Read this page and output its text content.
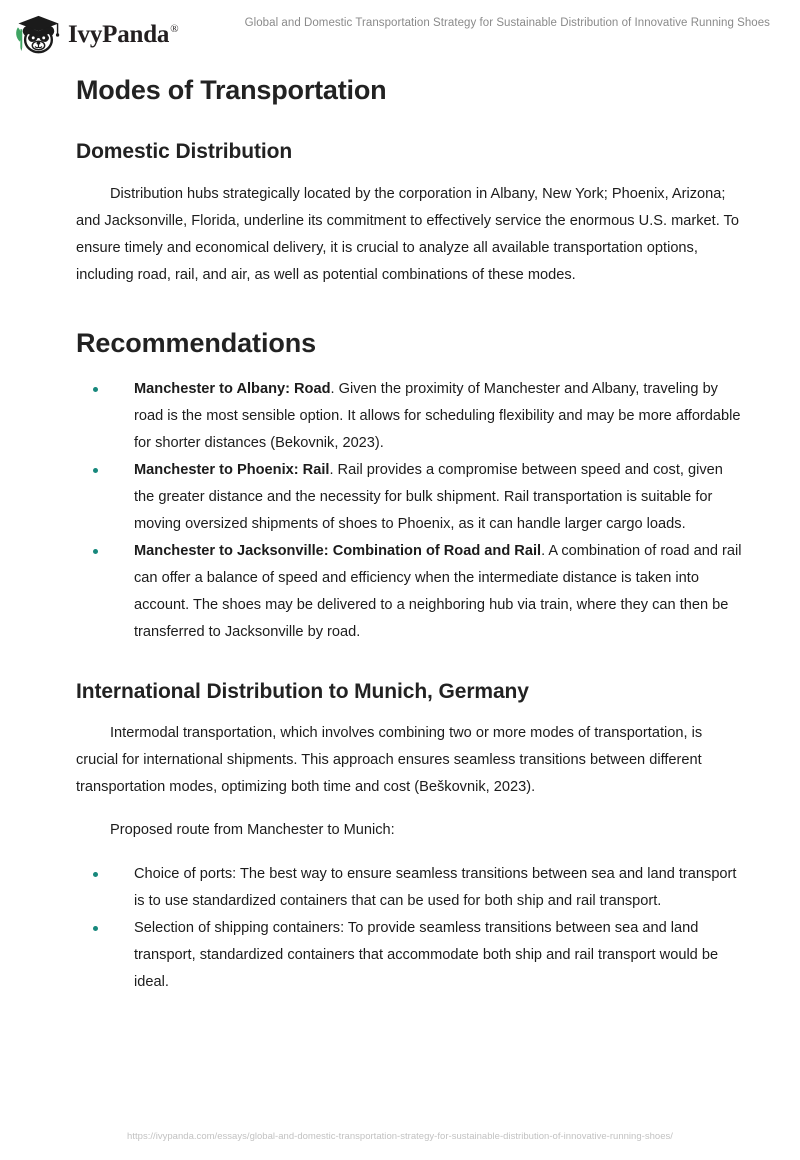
IvyPanda®
Global and Domestic Transportation Strategy for Sustainable Distribution of Innovative Running Shoes
Modes of Transportation
Domestic Distribution

Distribution hubs strategically located by the corporation in Albany, New York; Phoenix, Arizona; and Jacksonville, Florida, underline its commitment to effectively service the enormous U.S. market. To ensure timely and economical delivery, it is crucial to analyze all available transportation options, including road, rail, and air, as well as potential combinations of these modes.

Recommendations
Manchester to Albany: Road. Given the proximity of Manchester and Albany, traveling by road is the most sensible option. It allows for scheduling flexibility and may be more affordable for shorter distances (Bekovnik, 2023).
Manchester to Phoenix: Rail. Rail provides a compromise between speed and cost, given the greater distance and the necessity for bulk shipment. Rail transportation is suitable for moving oversized shipments of shoes to Phoenix, as it can handle larger cargo loads.
Manchester to Jacksonville: Combination of Road and Rail. A combination of road and rail can offer a balance of speed and efficiency when the intermediate distance is taken into account. The shoes may be delivered to a neighboring hub via train, where they can then be transferred to Jacksonville by road.
International Distribution to Munich, Germany

Intermodal transportation, which involves combining two or more modes of transportation, is crucial for international shipments. This approach ensures seamless transitions between different transportation modes, optimizing both time and cost (Beškovnik, 2023).

Proposed route from Manchester to Munich:

Choice of ports: The best way to ensure seamless transitions between sea and land transport is to use standardized containers that can be used for both ship and rail transport.
Selection of shipping containers: To provide seamless transitions between sea and land transport, standardized containers that accommodate both ship and rail transport would be ideal.
https://ivypanda.com/essays/global-and-domestic-transportation-strategy-for-sustainable-distribution-of-innovative-running-shoes/
